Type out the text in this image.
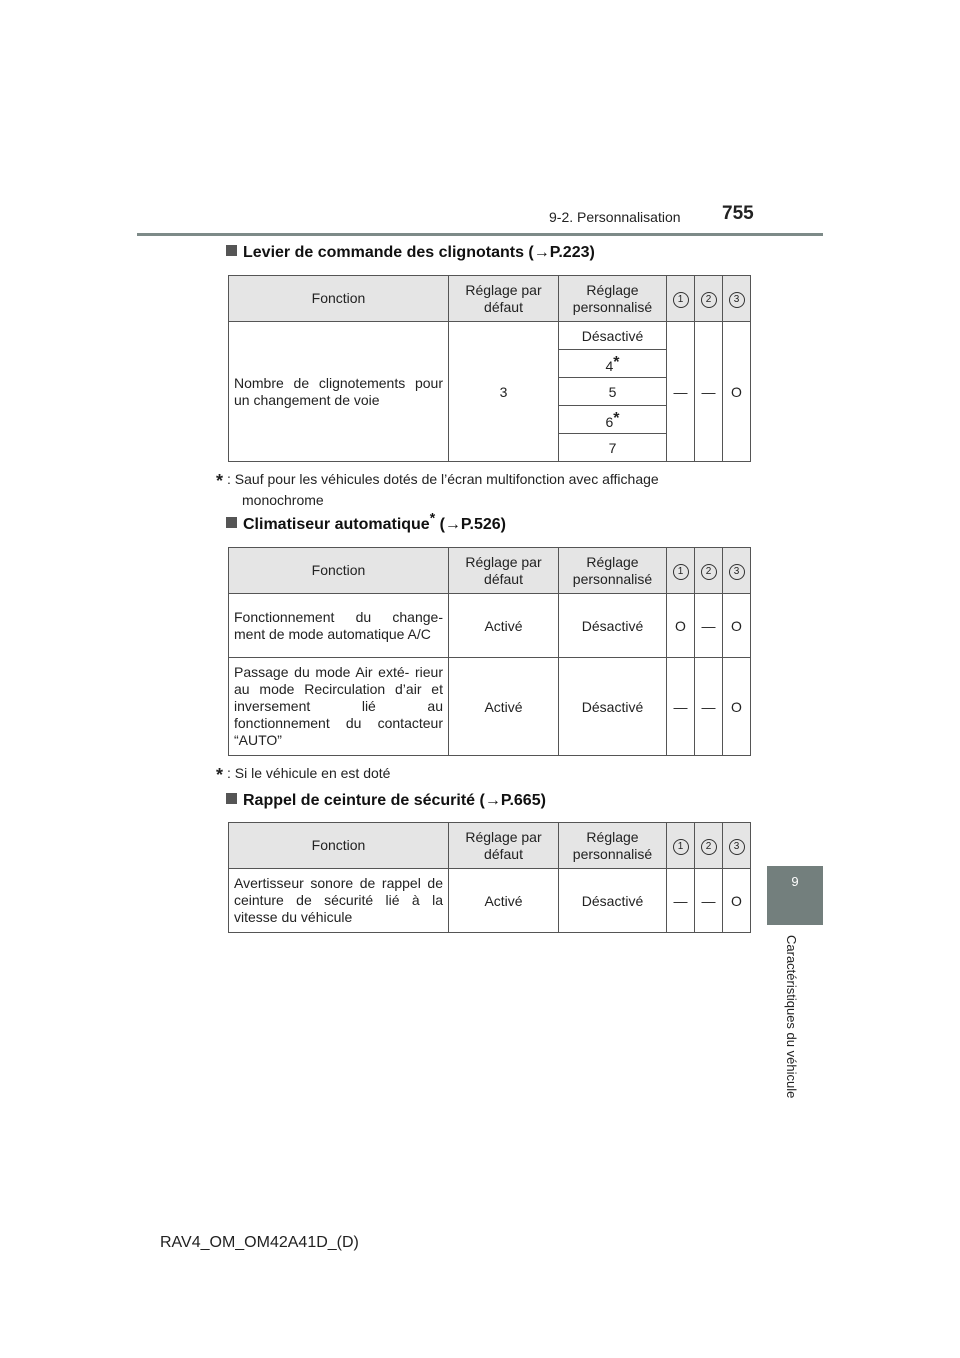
9-2. Personnalisation 755
9
Caractéristiques du véhicule
Levier de commande des clignotants (→P.223)
Fonction	Réglage par défaut	Réglage personnalisé	1	2	3
Nombre de clignotements pour un changement de voie	3	Désactivé	—	—	O
		4*			
		5			
		6*			
		7			
* : Sauf pour les véhicules dotés de l’écran multifonction avec affichage
monochrome
Climatiseur automatique* (→P.526)
Fonction	Réglage par défaut	Réglage personnalisé	1	2	3
Fonctionnement du change- ment de mode automatique A/C	Activé	Désactivé	O	—	O
Passage du mode Air exté- rieur au mode Recirculation d’air et inversement lié au fonctionnement du contacteur “AUTO”	Activé	Désactivé	—	—	O
* : Si le véhicule en est doté
Rappel de ceinture de sécurité (→P.665)
Fonction	Réglage par défaut	Réglage personnalisé	1	2	3
Avertisseur sonore de rappel de ceinture de sécurité lié à la vitesse du véhicule	Activé	Désactivé	—	—	O
RAV4_OM_OM42A41D_(D)
